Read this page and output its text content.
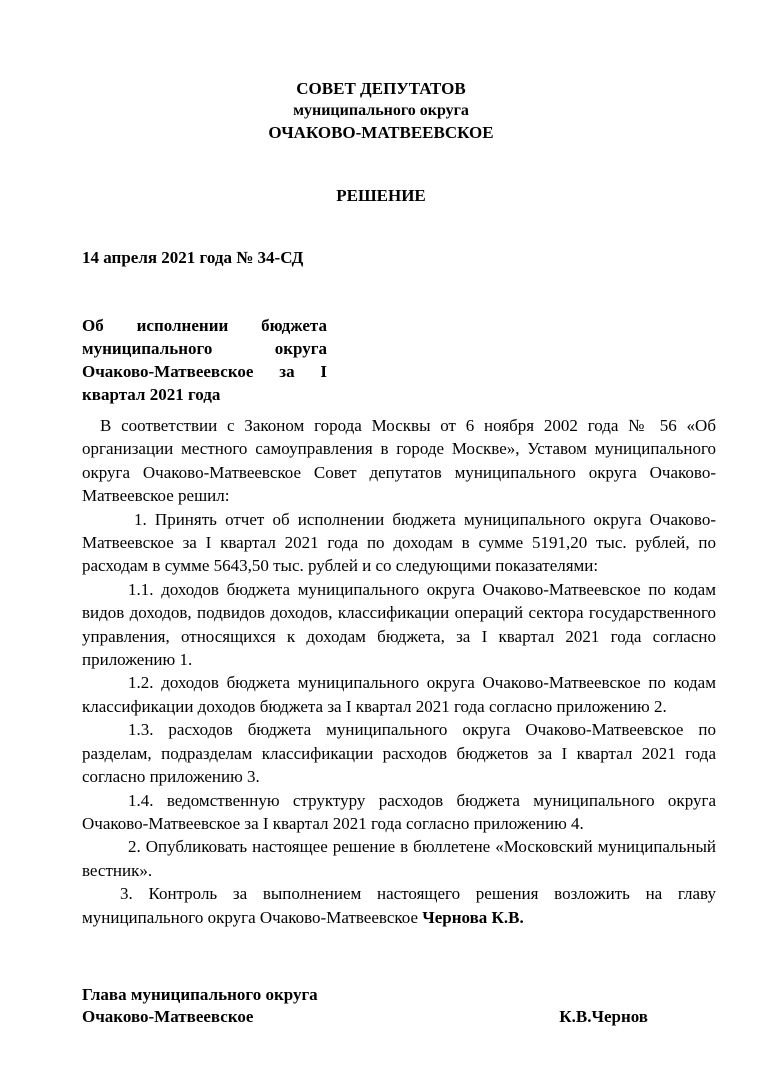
СОВЕТ ДЕПУТАТОВ
муниципального округа
ОЧАКОВО-МАТВЕЕВСКОЕ
РЕШЕНИЕ
14 апреля 2021 года № 34-СД
Об исполнении бюджета муниципального округа Очаково-Матвеевское за I квартал 2021 года

В соответствии с Законом города Москвы от 6 ноября 2002 года № 56 «Об организации местного самоуправления в городе Москве», Уставом муниципального округа Очаково-Матвеевское Совет депутатов муниципального округа Очаково-Матвеевское решил:

1. Принять отчет об исполнении бюджета муниципального округа Очаково-Матвеевское за I квартал 2021 года по доходам в сумме 5191,20 тыс. рублей, по расходам в сумме 5643,50 тыс. рублей и со следующими показателями:

1.1. доходов бюджета муниципального округа Очаково-Матвеевское по кодам видов доходов, подвидов доходов, классификации операций сектора государственного управления, относящихся к доходам бюджета, за I квартал 2021 года согласно приложению 1.

1.2. доходов бюджета муниципального округа Очаково-Матвеевское по кодам классификации доходов бюджета за I квартал 2021 года согласно приложению 2.

1.3. расходов бюджета муниципального округа Очаково-Матвеевское по разделам, подразделам классификации расходов бюджетов за I квартал 2021 года согласно приложению 3.

1.4. ведомственную структуру расходов бюджета муниципального округа Очаково-Матвеевское за I квартал 2021 года согласно приложению 4.

2. Опубликовать настоящее решение в бюллетене «Московский муниципальный вестник».

3. Контроль за выполнением настоящего решения возложить на главу муниципального округа Очаково-Матвеевское Чернова К.В.

Глава муниципального округа
Очаково-Матвеевское	К.В.Чернов
